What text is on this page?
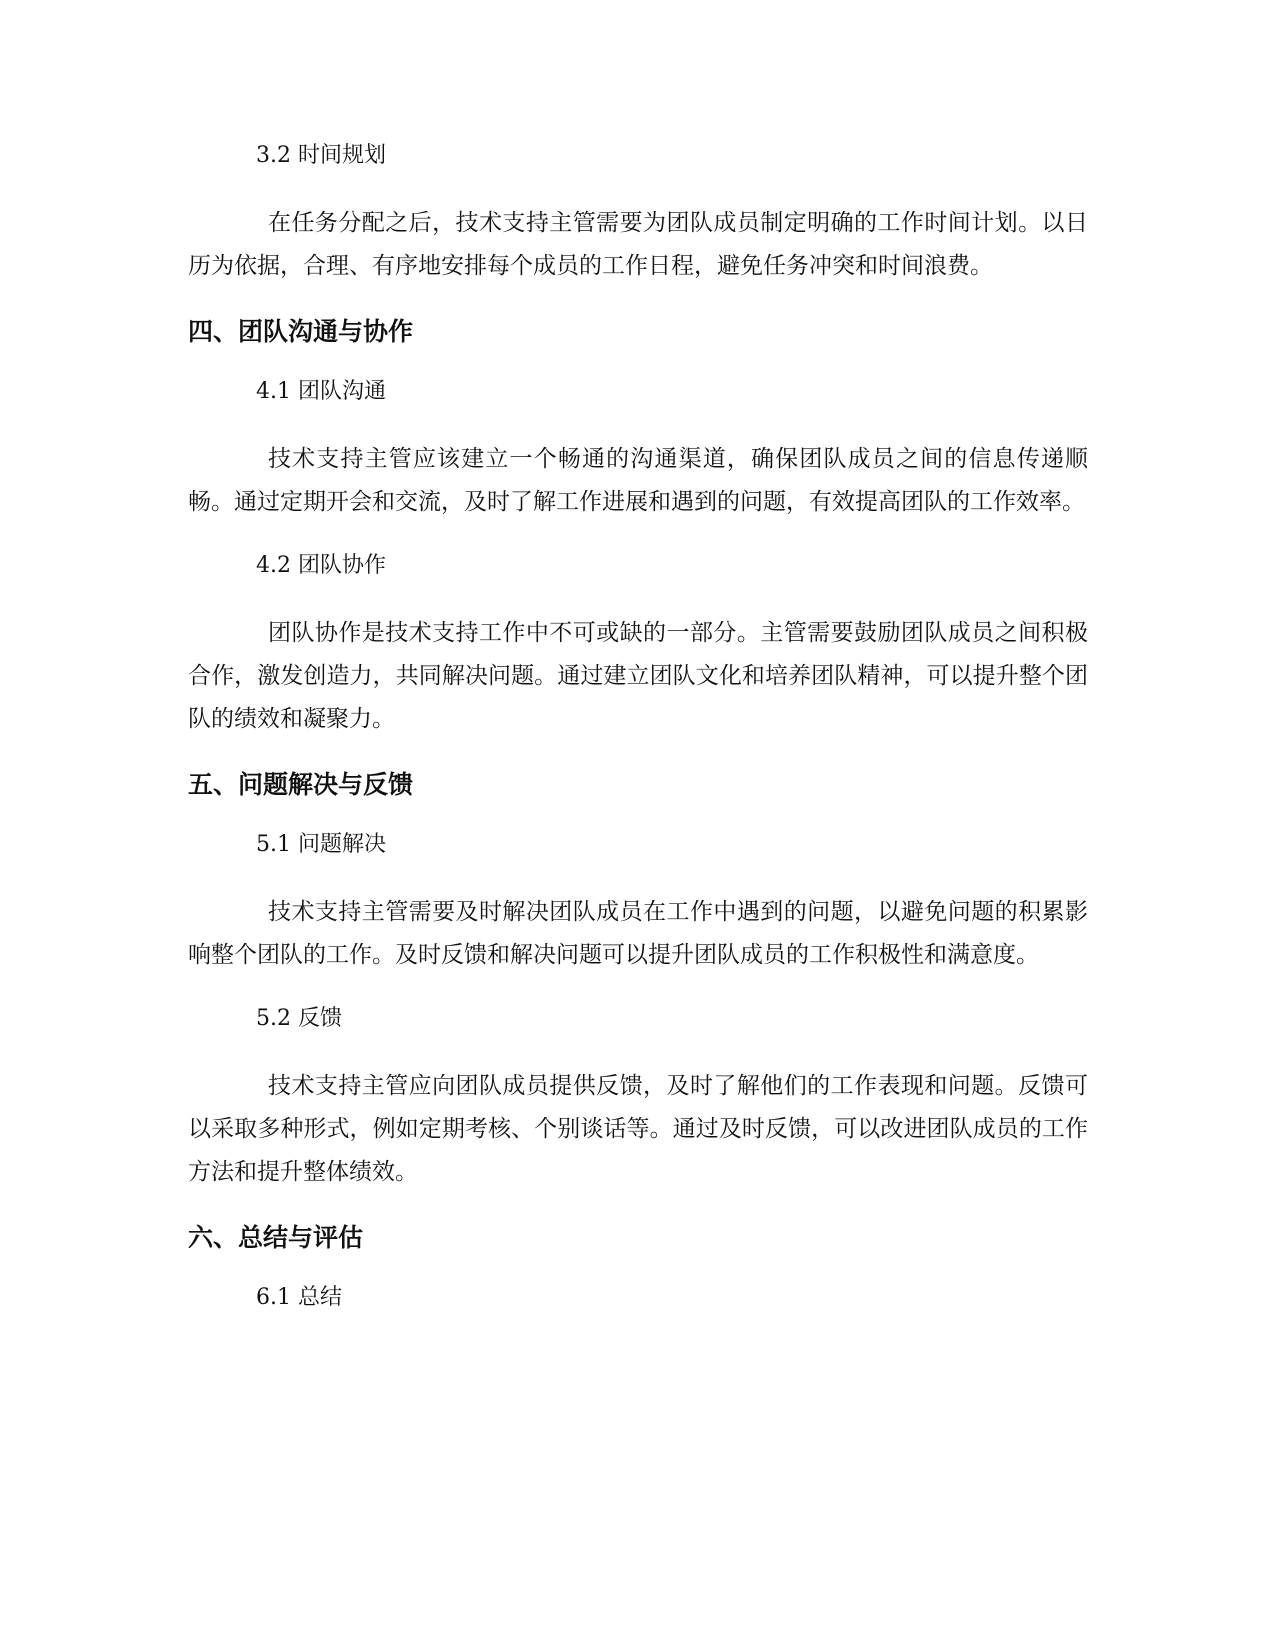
3.2 时间规划

在任务分配之后，技术支持主管需要为团队成员制定明确的工作时间计划。以日历为依据，合理、有序地安排每个成员的工作日程，避免任务冲突和时间浪费。

四、团队沟通与协作
4.1 团队沟通

技术支持主管应该建立一个畅通的沟通渠道，确保团队成员之间的信息传递顺畅。通过定期开会和交流，及时了解工作进展和遇到的问题，有效提高团队的工作效率。

4.2 团队协作

团队协作是技术支持工作中不可或缺的一部分。主管需要鼓励团队成员之间积极合作，激发创造力，共同解决问题。通过建立团队文化和培养团队精神，可以提升整个团队的绩效和凝聚力。

五、问题解决与反馈
5.1 问题解决

技术支持主管需要及时解决团队成员在工作中遇到的问题，以避免问题的积累影响整个团队的工作。及时反馈和解决问题可以提升团队成员的工作积极性和满意度。

5.2 反馈

技术支持主管应向团队成员提供反馈，及时了解他们的工作表现和问题。反馈可以采取多种形式，例如定期考核、个别谈话等。通过及时反馈，可以改进团队成员的工作方法和提升整体绩效。

六、总结与评估
6.1 总结
